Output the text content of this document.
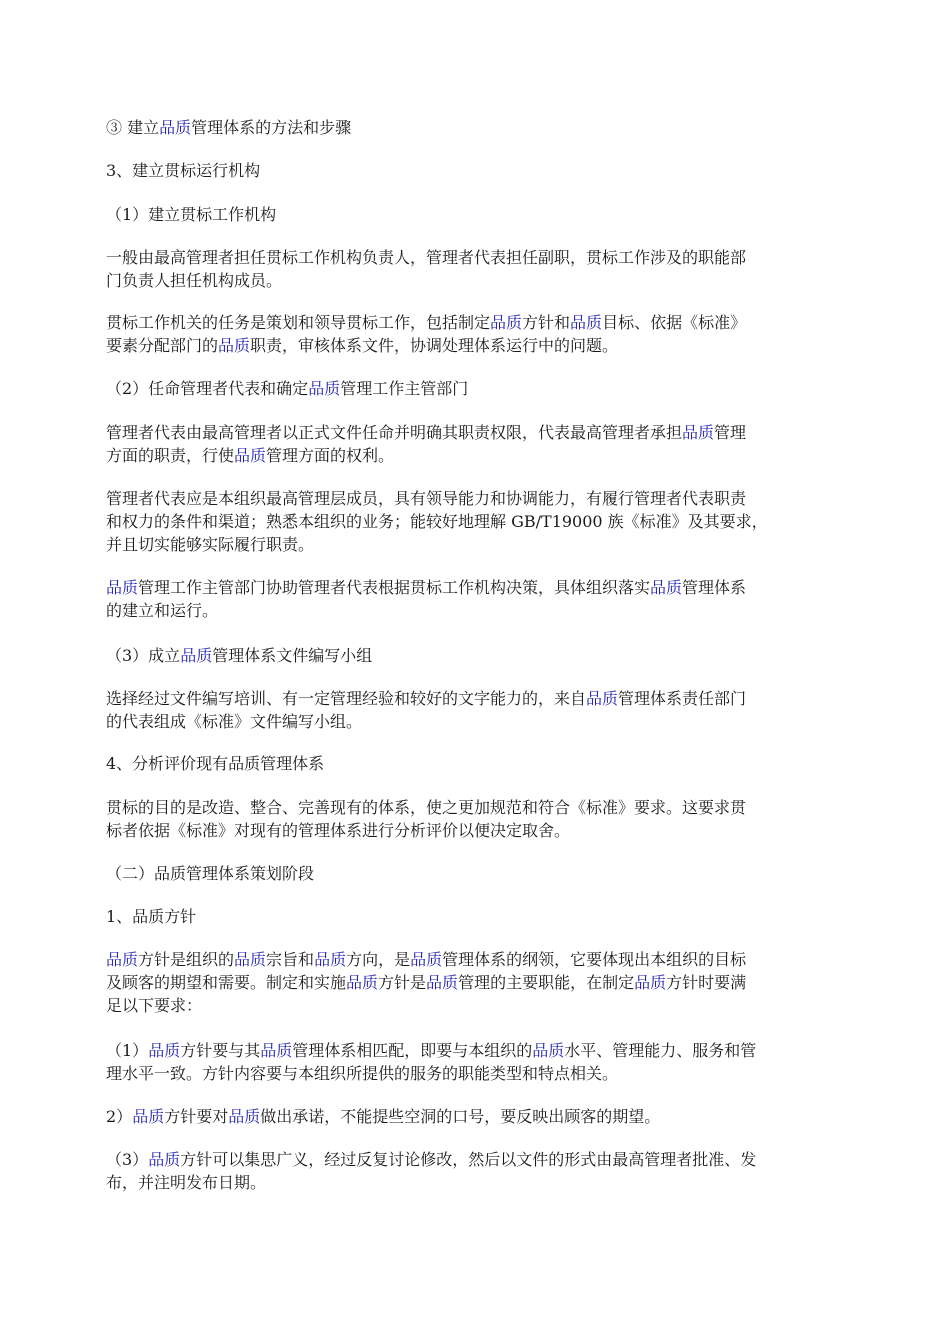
③ 建立品质管理体系的方法和步骤
3、建立贯标运行机构
（1）建立贯标工作机构
一般由最高管理者担任贯标工作机构负责人，管理者代表担任副职，贯标工作涉及的职能部
门负责人担任机构成员。
贯标工作机关的任务是策划和领导贯标工作，包括制定品质方针和品质目标、依据《标准》
要素分配部门的品质职责，审核体系文件，协调处理体系运行中的问题。
（2）任命管理者代表和确定品质管理工作主管部门
管理者代表由最高管理者以正式文件任命并明确其职责权限，代表最高管理者承担品质管理
方面的职责，行使品质管理方面的权利。
管理者代表应是本组织最高管理层成员，具有领导能力和协调能力，有履行管理者代表职责
和权力的条件和渠道；熟悉本组织的业务；能较好地理解 GB/T19000 族《标准》及其要求，
并且切实能够实际履行职责。
品质管理工作主管部门协助管理者代表根据贯标工作机构决策，具体组织落实品质管理体系
的建立和运行。
（3）成立品质管理体系文件编写小组
选择经过文件编写培训、有一定管理经验和较好的文字能力的，来自品质管理体系责任部门
的代表组成《标准》文件编写小组。
4、分析评价现有品质管理体系
贯标的目的是改造、整合、完善现有的体系，使之更加规范和符合《标准》要求。这要求贯
标者依据《标准》对现有的管理体系进行分析评价以便决定取舍。
（二）品质管理体系策划阶段
1、品质方针
品质方针是组织的品质宗旨和品质方向，是品质管理体系的纲领，它要体现出本组织的目标
及顾客的期望和需要。制定和实施品质方针是品质管理的主要职能，在制定品质方针时要满
足以下要求：
（1）品质方针要与其品质管理体系相匹配，即要与本组织的品质水平、管理能力、服务和管
理水平一致。方针内容要与本组织所提供的服务的职能类型和特点相关。
2）品质方针要对品质做出承诺，不能提些空洞的口号，要反映出顾客的期望。
（3）品质方针可以集思广义，经过反复讨论修改，然后以文件的形式由最高管理者批准、发
布，并注明发布日期。
